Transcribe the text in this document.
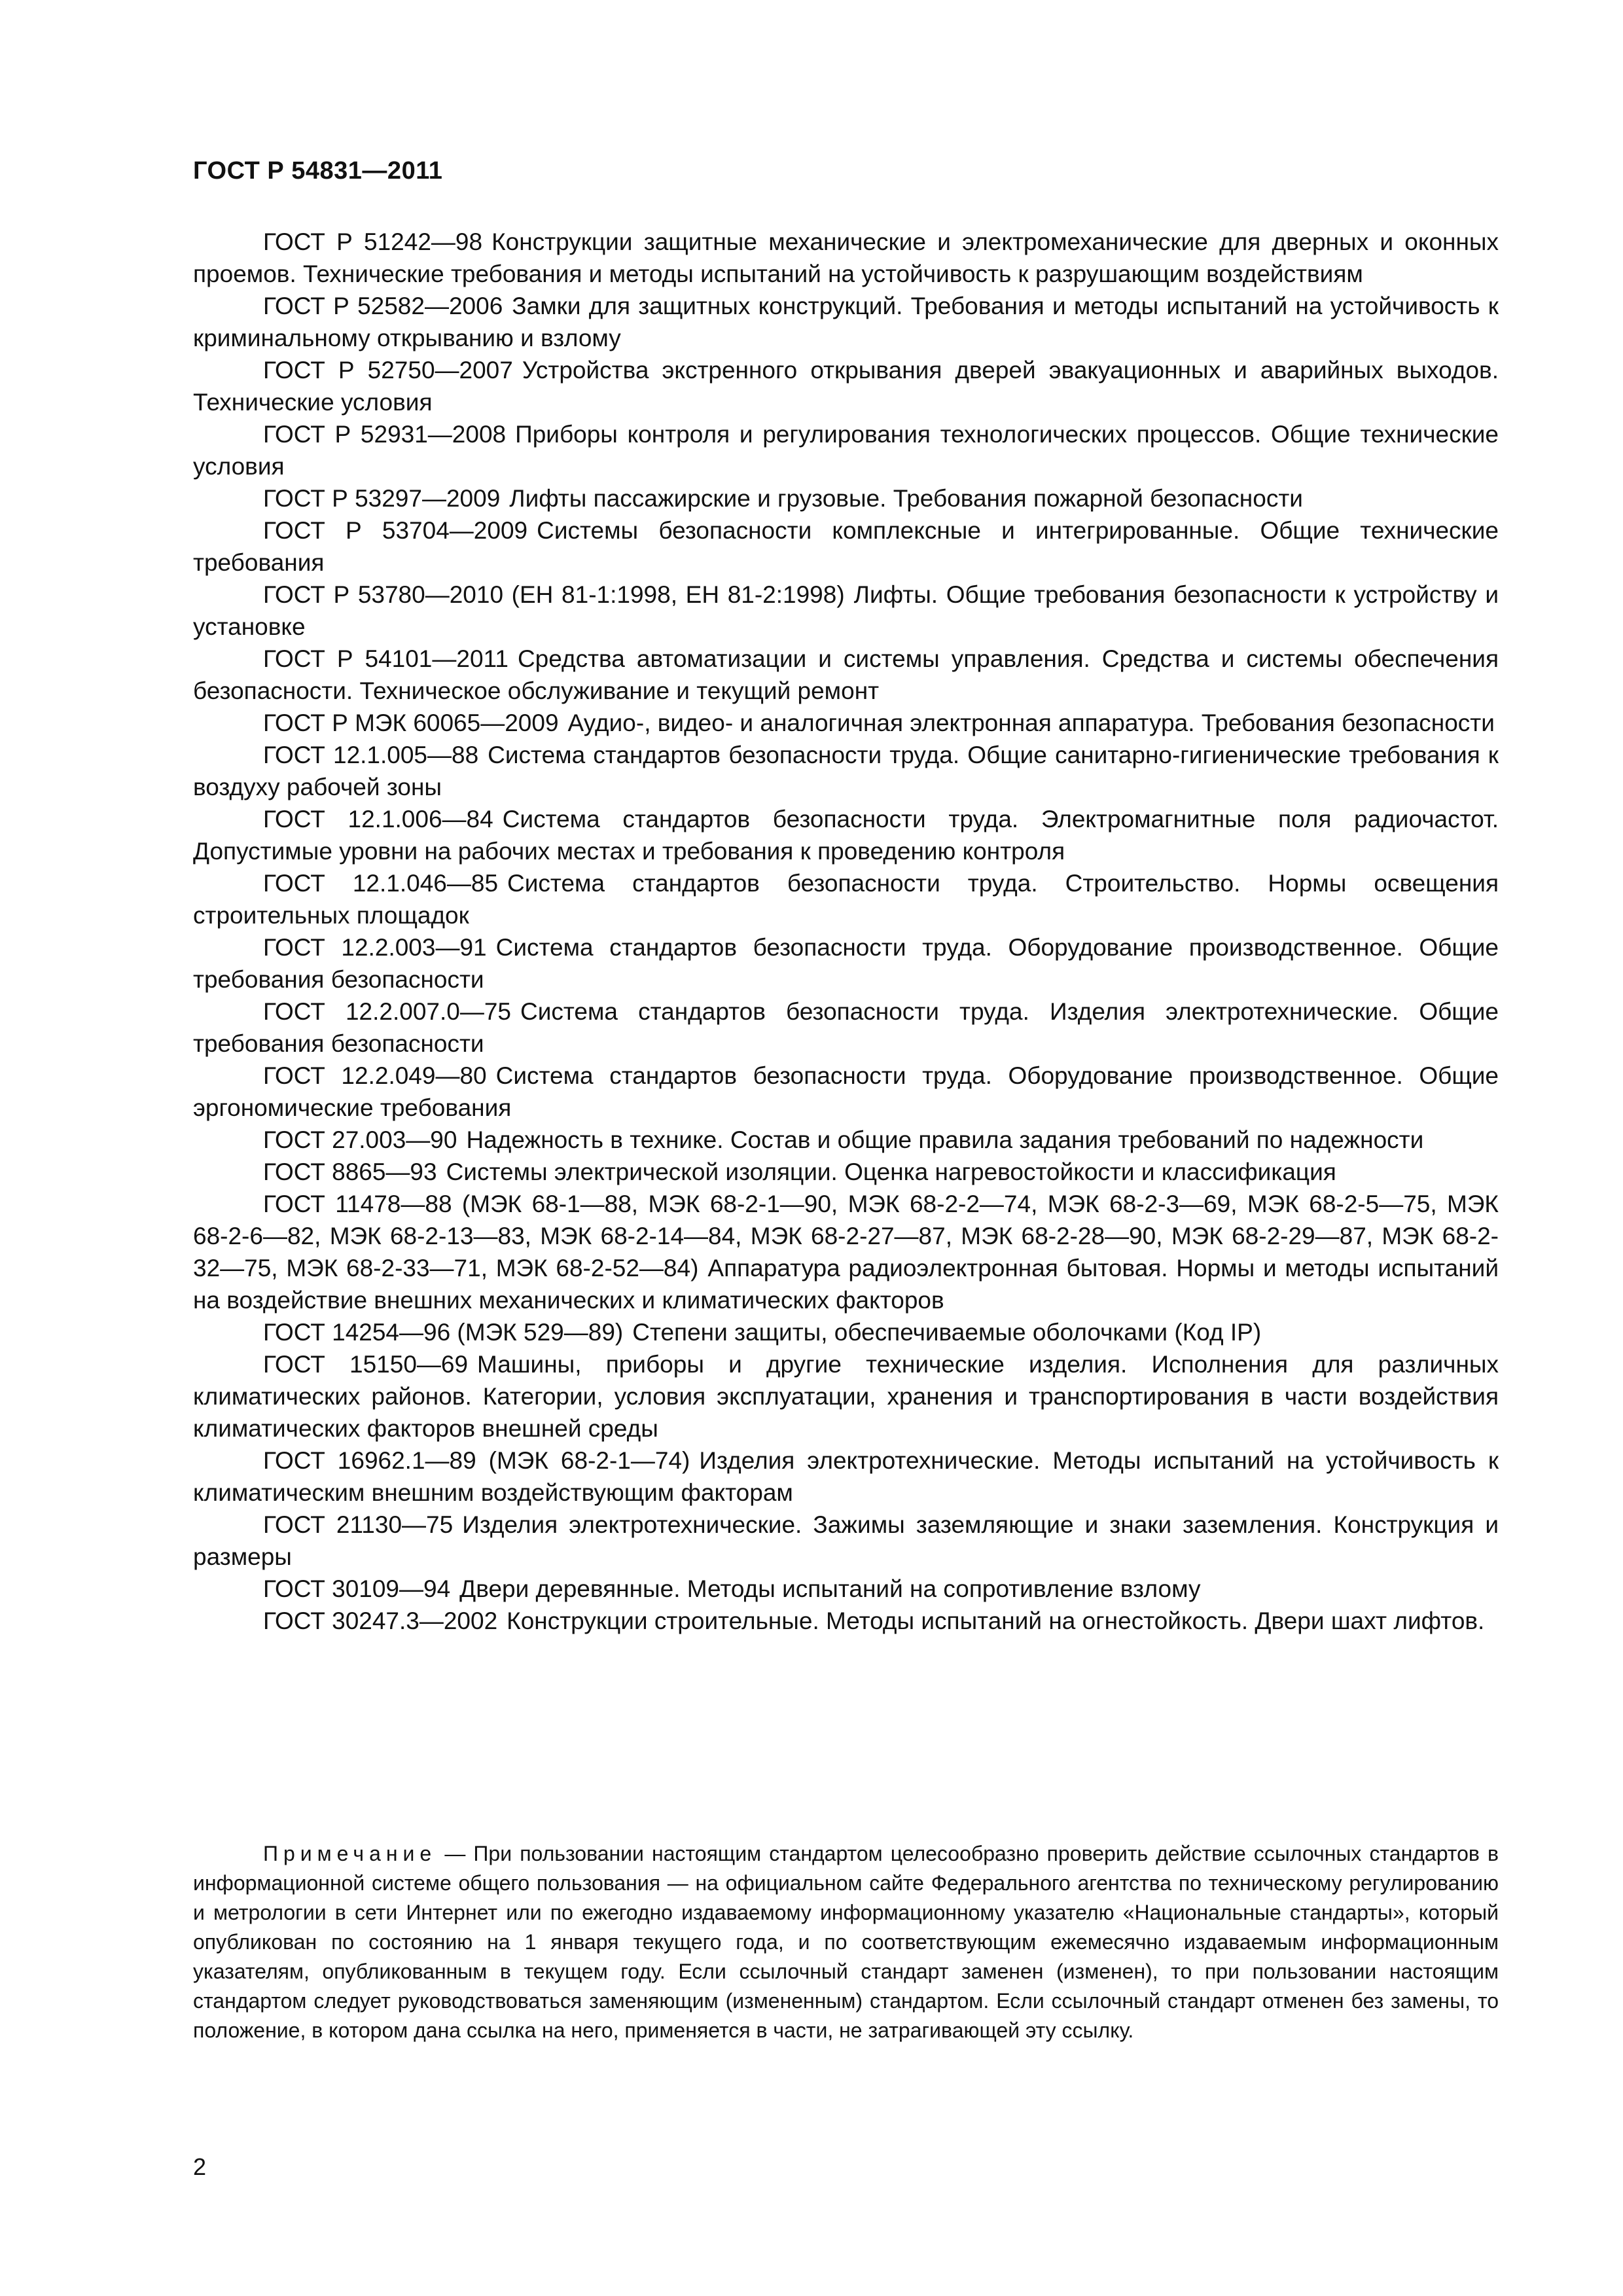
ГОСТ Р 54831—2011

ГОСТ Р 51242—98 Конструкции защитные механические и электромеханические для дверных и оконных проемов. Технические требования и методы испытаний на устойчивость к разрушающим воздействиям

ГОСТ Р 52582—2006 Замки для защитных конструкций. Требования и методы испытаний на устойчивость к криминальному открыванию и взлому

ГОСТ Р 52750—2007 Устройства экстренного открывания дверей эвакуационных и аварийных выходов. Технические условия

ГОСТ Р 52931—2008 Приборы контроля и регулирования технологических процессов. Общие технические условия

ГОСТ Р 53297—2009 Лифты пассажирские и грузовые. Требования пожарной безопасности

ГОСТ Р 53704—2009 Системы безопасности комплексные и интегрированные. Общие технические требования

ГОСТ Р 53780—2010 (ЕН 81-1:1998, ЕН 81-2:1998) Лифты. Общие требования безопасности к устройству и установке

ГОСТ Р 54101—2011 Средства автоматизации и системы управления. Средства и системы обеспечения безопасности. Техническое обслуживание и текущий ремонт

ГОСТ Р МЭК 60065—2009 Аудио-, видео- и аналогичная электронная аппаратура. Требования безопасности

ГОСТ 12.1.005—88 Система стандартов безопасности труда. Общие санитарно-гигиенические требования к воздуху рабочей зоны

ГОСТ 12.1.006—84 Система стандартов безопасности труда. Электромагнитные поля радиочастот. Допустимые уровни на рабочих местах и требования к проведению контроля

ГОСТ 12.1.046—85 Система стандартов безопасности труда. Строительство. Нормы освещения строительных площадок

ГОСТ 12.2.003—91 Система стандартов безопасности труда. Оборудование производственное. Общие требования безопасности

ГОСТ 12.2.007.0—75 Система стандартов безопасности труда. Изделия электротехнические. Общие требования безопасности

ГОСТ 12.2.049—80 Система стандартов безопасности труда. Оборудование производственное. Общие эргономические требования

ГОСТ 27.003—90 Надежность в технике. Состав и общие правила задания требований по надежности

ГОСТ 8865—93 Системы электрической изоляции. Оценка нагревостойкости и классификация

ГОСТ 11478—88 (МЭК 68-1—88, МЭК 68-2-1—90, МЭК 68-2-2—74, МЭК 68-2-3—69, МЭК 68-2-5—75, МЭК 68-2-6—82, МЭК 68-2-13—83, МЭК 68-2-14—84, МЭК 68-2-27—87, МЭК 68-2-28—90, МЭК 68-2-29—87, МЭК 68-2-32—75, МЭК 68-2-33—71, МЭК 68-2-52—84) Аппаратура радиоэлектронная бытовая. Нормы и методы испытаний на воздействие внешних механических и климатических факторов

ГОСТ 14254—96 (МЭК 529—89) Степени защиты, обеспечиваемые оболочками (Код IP)

ГОСТ 15150—69 Машины, приборы и другие технические изделия. Исполнения для различных климатических районов. Категории, условия эксплуатации, хранения и транспортирования в части воздействия климатических факторов внешней среды

ГОСТ 16962.1—89 (МЭК 68-2-1—74) Изделия электротехнические. Методы испытаний на устойчивость к климатическим внешним воздействующим факторам

ГОСТ 21130—75 Изделия электротехнические. Зажимы заземляющие и знаки заземления. Конструкция и размеры

ГОСТ 30109—94 Двери деревянные. Методы испытаний на сопротивление взлому

ГОСТ 30247.3—2002 Конструкции строительные. Методы испытаний на огнестойкость. Двери шахт лифтов.

Примечание — При пользовании настоящим стандартом целесообразно проверить действие ссылочных стандартов в информационной системе общего пользования — на официальном сайте Федерального агентства по техническому регулированию и метрологии в сети Интернет или по ежегодно издаваемому информационному указателю «Национальные стандарты», который опубликован по состоянию на 1 января текущего года, и по соответствующим ежемесячно издаваемым информационным указателям, опубликованным в текущем году. Если ссылочный стандарт заменен (изменен), то при пользовании настоящим стандартом следует руководствоваться заменяющим (измененным) стандартом. Если ссылочный стандарт отменен без замены, то положение, в котором дана ссылка на него, применяется в части, не затрагивающей эту ссылку.
2
